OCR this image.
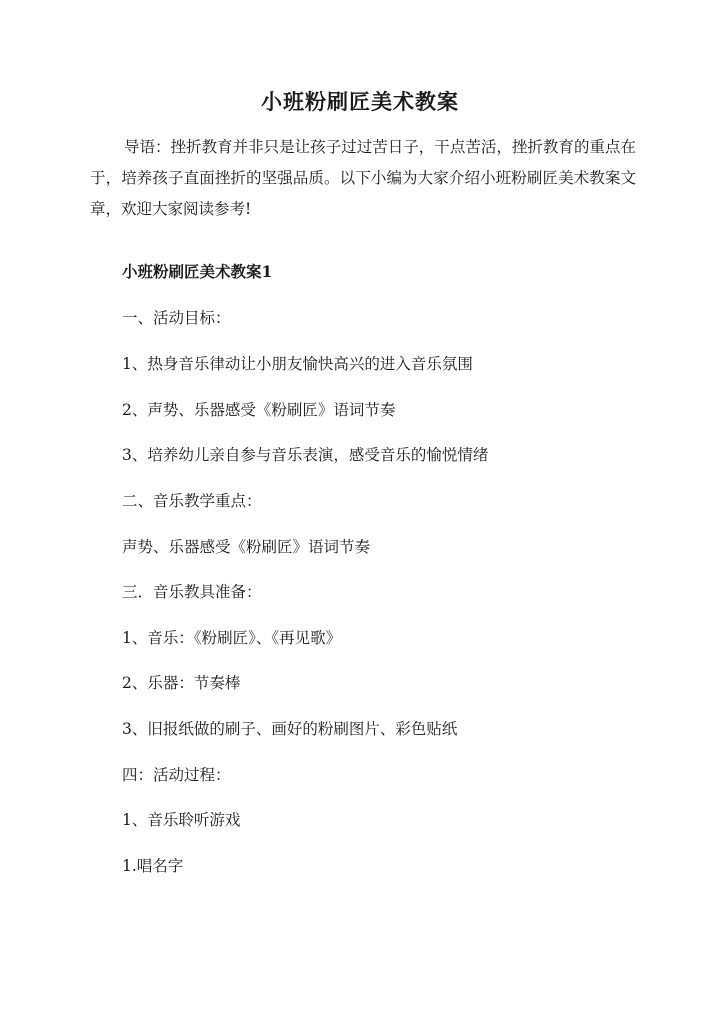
小班粉刷匠美术教案
导语：挫折教育并非只是让孩子过过苦日子，干点苦活，挫折教育的重点在于，培养孩子直面挫折的坚强品质。以下小编为大家介绍小班粉刷匠美术教案文章，欢迎大家阅读参考!
小班粉刷匠美术教案1
一、活动目标：
1、热身音乐律动让小朋友愉快高兴的进入音乐氛围
2、声势、乐器感受《粉刷匠》语词节奏
3、培养幼儿亲自参与音乐表演，感受音乐的愉悦情绪
二、音乐教学重点：
声势、乐器感受《粉刷匠》语词节奏
三．音乐教具准备：
1、音乐：《粉刷匠》、《再见歌》
2、乐器：节奏棒
3、旧报纸做的刷子、画好的粉刷图片、彩色贴纸
四：活动过程：
1、音乐聆听游戏
1.唱名字
